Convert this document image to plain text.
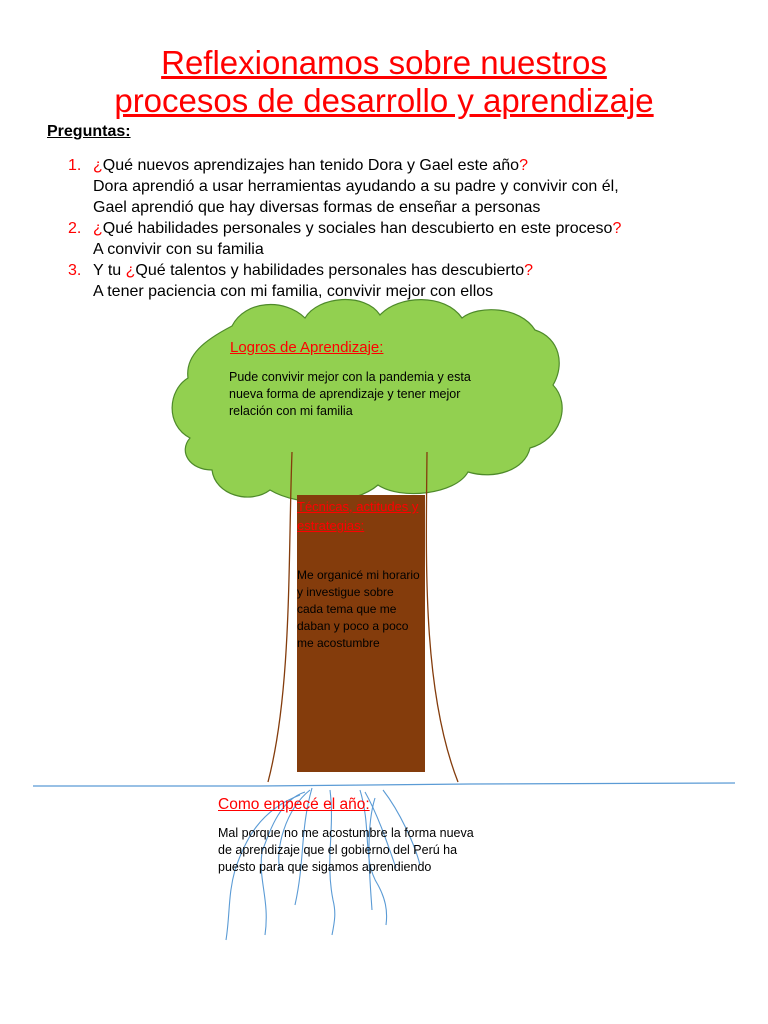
Reflexionamos sobre nuestros
procesos de desarrollo y aprendizaje
Preguntas:
1. ¿Qué nuevos aprendizajes han tenido Dora y Gael este año?
Dora aprendió a usar herramientas ayudando a su padre y convivir con él,
Gael aprendió que hay diversas formas de enseñar a personas
2. ¿Qué habilidades personales y sociales han descubierto en este proceso?
A convivir con su familia
3. Y tu ¿Qué talentos y habilidades personales has descubierto?
A tener paciencia con mi familia, convivir mejor con ellos
Logros de Aprendizaje:
Pude convivir mejor con la pandemia y esta nueva forma de aprendizaje y tener mejor relación con mi familia
Técnicas, actitudes y estrategias:
Me organicé mi horario y investigue sobre cada tema que me daban y poco a poco me acostumbre
Como empecé el año:
Mal porque no me acostumbre la forma nueva de aprendizaje que el gobierno del Perú ha puesto para que sigamos aprendiendo
